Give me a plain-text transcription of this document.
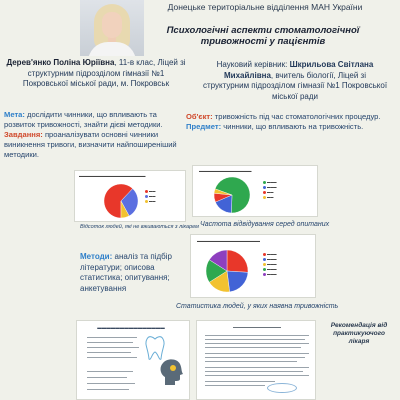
Донецьке територіальне відділення МАН України
Психологічні аспекти стоматологічної тривожності у пацієнтів
Дерев'янко Поліна Юріївна, 11-в клас, Ліцей зі структурним підрозділом гімназії №1 Покровської міської ради, м. Покровськ
Науковий керівник: Шкрильова Світлана Михайлівна, вчитель біології, Ліцей зі структурним підрозділом гімназії №1 Покровської міської ради
Мета: дослідити чинники, що впливають та розвиток тривожності, знайти дієві методики.
Завдання: проаналізувати основні чинники виникнення тривоги, визначити найпоширеніший методики.
Об'єкт: тривожність під час стоматологічних процедур.
Предмет: чинники, що впливають на тривожність.
▬▬▬▬▬▬▬▬▬▬▬▬▬▬▬▬▬▬▬
▬▬
▬▬
▬▬
Відсоток людей, які не вживаються з лікарем
▬▬▬▬▬▬▬▬▬▬▬▬▬▬▬
▬▬▬
▬▬▬
▬▬
▬▬
Частота відвідування серед опитаних
Методи: аналіз та підбір літератури; описова статистика; опитування; анкетування
▬▬▬▬▬▬▬▬▬▬▬▬▬▬▬▬▬▬
▬▬▬
▬▬▬
▬▬▬
▬▬▬
▬▬▬
Статистика людей, у яких наявна тривожність
▬▬▬▬▬▬▬▬▬▬▬▬▬▬▬	Рекомендація від практикуючого лікаря
